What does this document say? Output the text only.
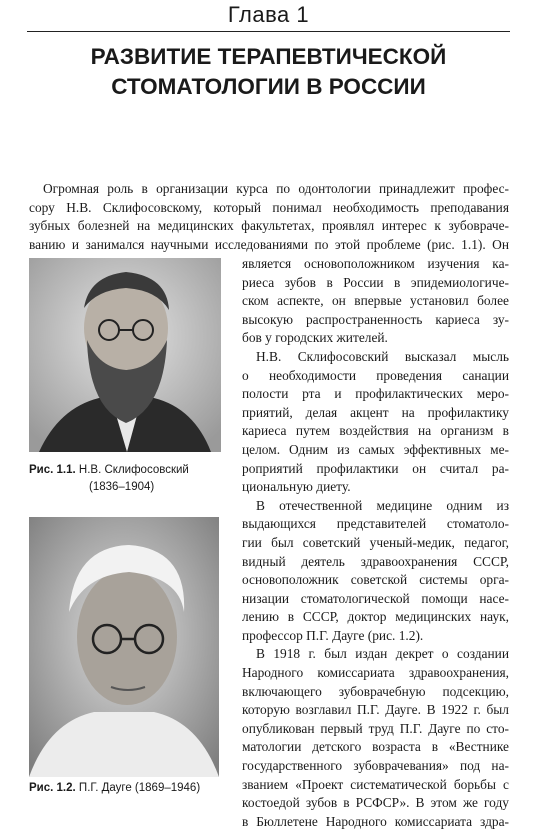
Глава 1
РАЗВИТИЕ ТЕРАПЕВТИЧЕСКОЙ
СТОМАТОЛОГИИ В РОССИИ
Огромная роль в организации курса по одонтологии принадлежит профес-
сору Н.В. Склифосовскому, который понимал необходимость преподавания
зубных болезней на медицинских факультетах, проявлял интерес к зубовраче-
ванию и занимался научными исследованиями по этой проблеме (рис. 1.1). Он
Рис. 1.1. Н.В. Склифосовский
(1836–1904)
Рис. 1.2. П.Г. Дауге (1869–1946)
является основоположником изучения ка-
риеса зубов в России в эпидемиологиче-
ском аспекте, он впервые установил более
высокую распространенность кариеса зу-
бов у городских жителей.
Н.В. Склифосовский высказал мысль
о необходимости проведения санации
полости рта и профилактических меро-
приятий, делая акцент на профилактику
кариеса путем воздействия на организм в
целом. Одним из самых эффективных ме-
роприятий профилактики он считал ра-
циональную диету.
В отечественной медицине одним из
выдающихся представителей стоматоло-
гии был советский ученый-медик, педагог,
видный деятель здравоохранения СССР,
основоположник советской системы орга-
низации стоматологической помощи насе-
лению в СССР, доктор медицинских наук,
профессор П.Г. Дауге (рис. 1.2).
В 1918 г. был издан декрет о создании
Народного комиссариата здравоохранения,
включающего зубоврачебную подсекцию,
которую возглавил П.Г. Дауге. В 1922 г. был
опубликован первый труд П.Г. Дауге по сто-
матологии детского возраста в «Вестнике
государственного зубоврачевания» под на-
званием «Проект систематической борьбы с
костоедой зубов в РСФСР». В этом же году
в Бюллетене Народного комиссариата здра-
